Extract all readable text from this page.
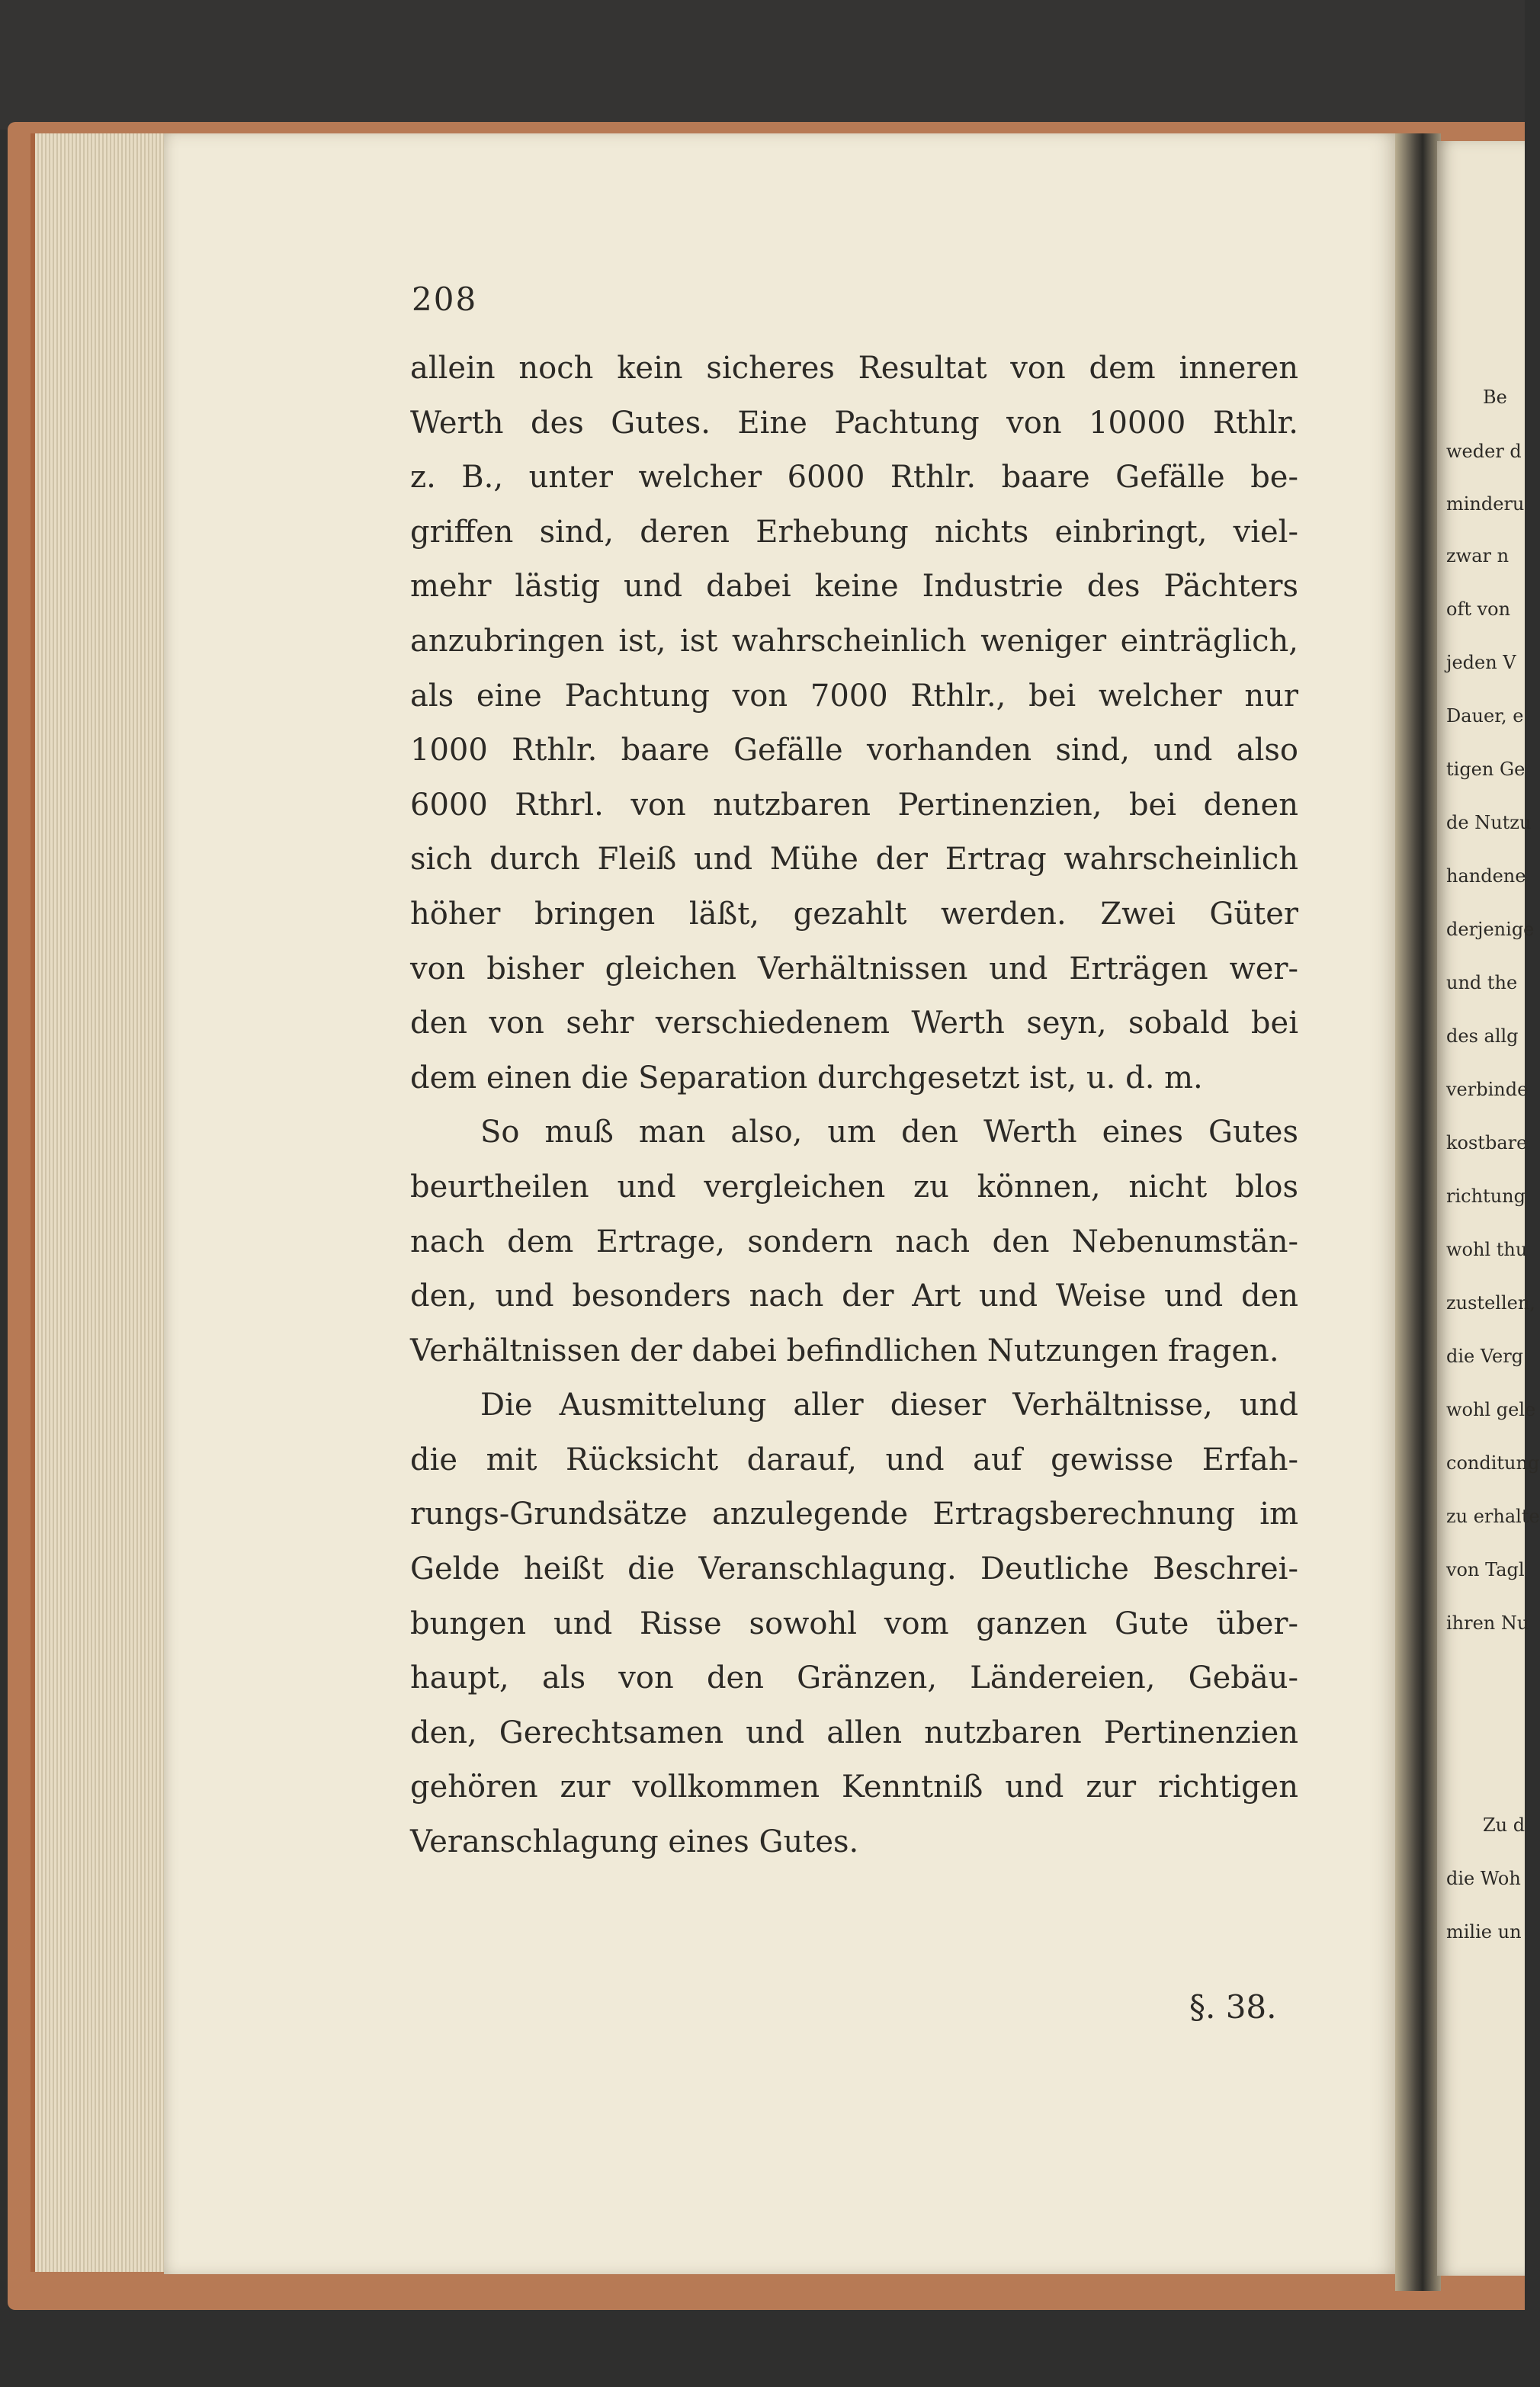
Be
weder d
minderu
zwar n
oft von
jeden V
Dauer, e
tigen Ge
de Nutzu
handene
derjenige
und the
des allg
verbinde
kostbare
richtung
wohl thu
zustellen,
die Verg
wohl gele
conditung
zu erhalte
von Tagl
ihren Nu
Zu d
die Woh
milie un
208
allein noch kein sicheres Resultat von dem inneren
Werth des Gutes. Eine Pachtung von 10000 Rthlr.
z. B., unter welcher 6000 Rthlr. baare Gefälle be-
griffen sind, deren Erhebung nichts einbringt, viel-
mehr lästig und dabei keine Industrie des Pächters
anzubringen ist, ist wahrscheinlich weniger einträglich,
als eine Pachtung von 7000 Rthlr., bei welcher nur
1000 Rthlr. baare Gefälle vorhanden sind, und also
6000 Rthrl. von nutzbaren Pertinenzien, bei denen
sich durch Fleiß und Mühe der Ertrag wahrscheinlich
höher bringen läßt, gezahlt werden. Zwei Güter
von bisher gleichen Verhältnissen und Erträgen wer-
den von sehr verschiedenem Werth seyn, sobald bei
dem einen die Separation durchgesetzt ist, u. d. m.
So muß man also, um den Werth eines Gutes
beurtheilen und vergleichen zu können, nicht blos
nach dem Ertrage, sondern nach den Nebenumstän-
den, und besonders nach der Art und Weise und den
Verhältnissen der dabei befindlichen Nutzungen fragen.
Die Ausmittelung aller dieser Verhältnisse, und
die mit Rücksicht darauf, und auf gewisse Erfah-
rungs-Grundsätze anzulegende Ertragsberechnung im
Gelde heißt die Veranschlagung. Deutliche Beschrei-
bungen und Risse sowohl vom ganzen Gute über-
haupt, als von den Gränzen, Ländereien, Gebäu-
den, Gerechtsamen und allen nutzbaren Pertinenzien
gehören zur vollkommen Kenntniß und zur richtigen
Veranschlagung eines Gutes.
§. 38.
